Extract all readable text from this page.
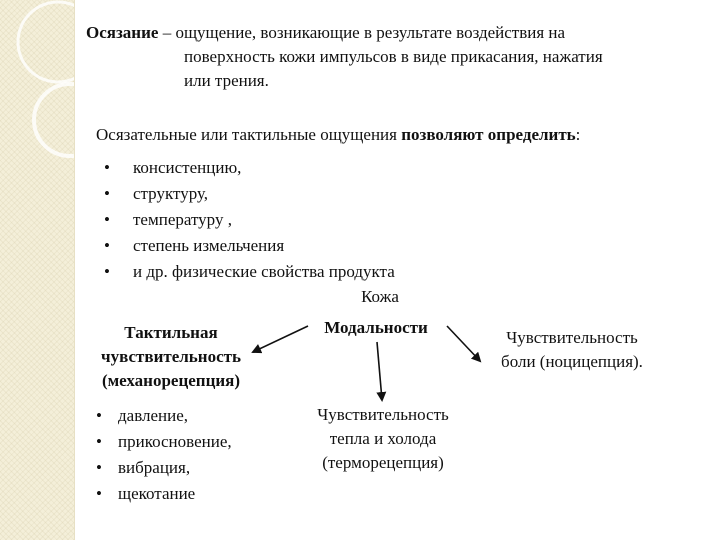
Осязание – ощущение, возникающие в результате воздействия на
поверхность кожи импульсов в виде прикасания, нажатия
или трения.
Осязательные или тактильные ощущения позволяют определить:
• консистенцию,
• структуру,
• температуру ,
• степень измельчения
• и др. физические свойства продукта
Кожа
Модальности
Тактильная
чувствительность
(механорецепция)
Чувствительность
боли (ноцицепция).
Чувствительность
тепла и холода
(терморецепция)
• давление,
• прикосновение,
• вибрация,
• щекотание
